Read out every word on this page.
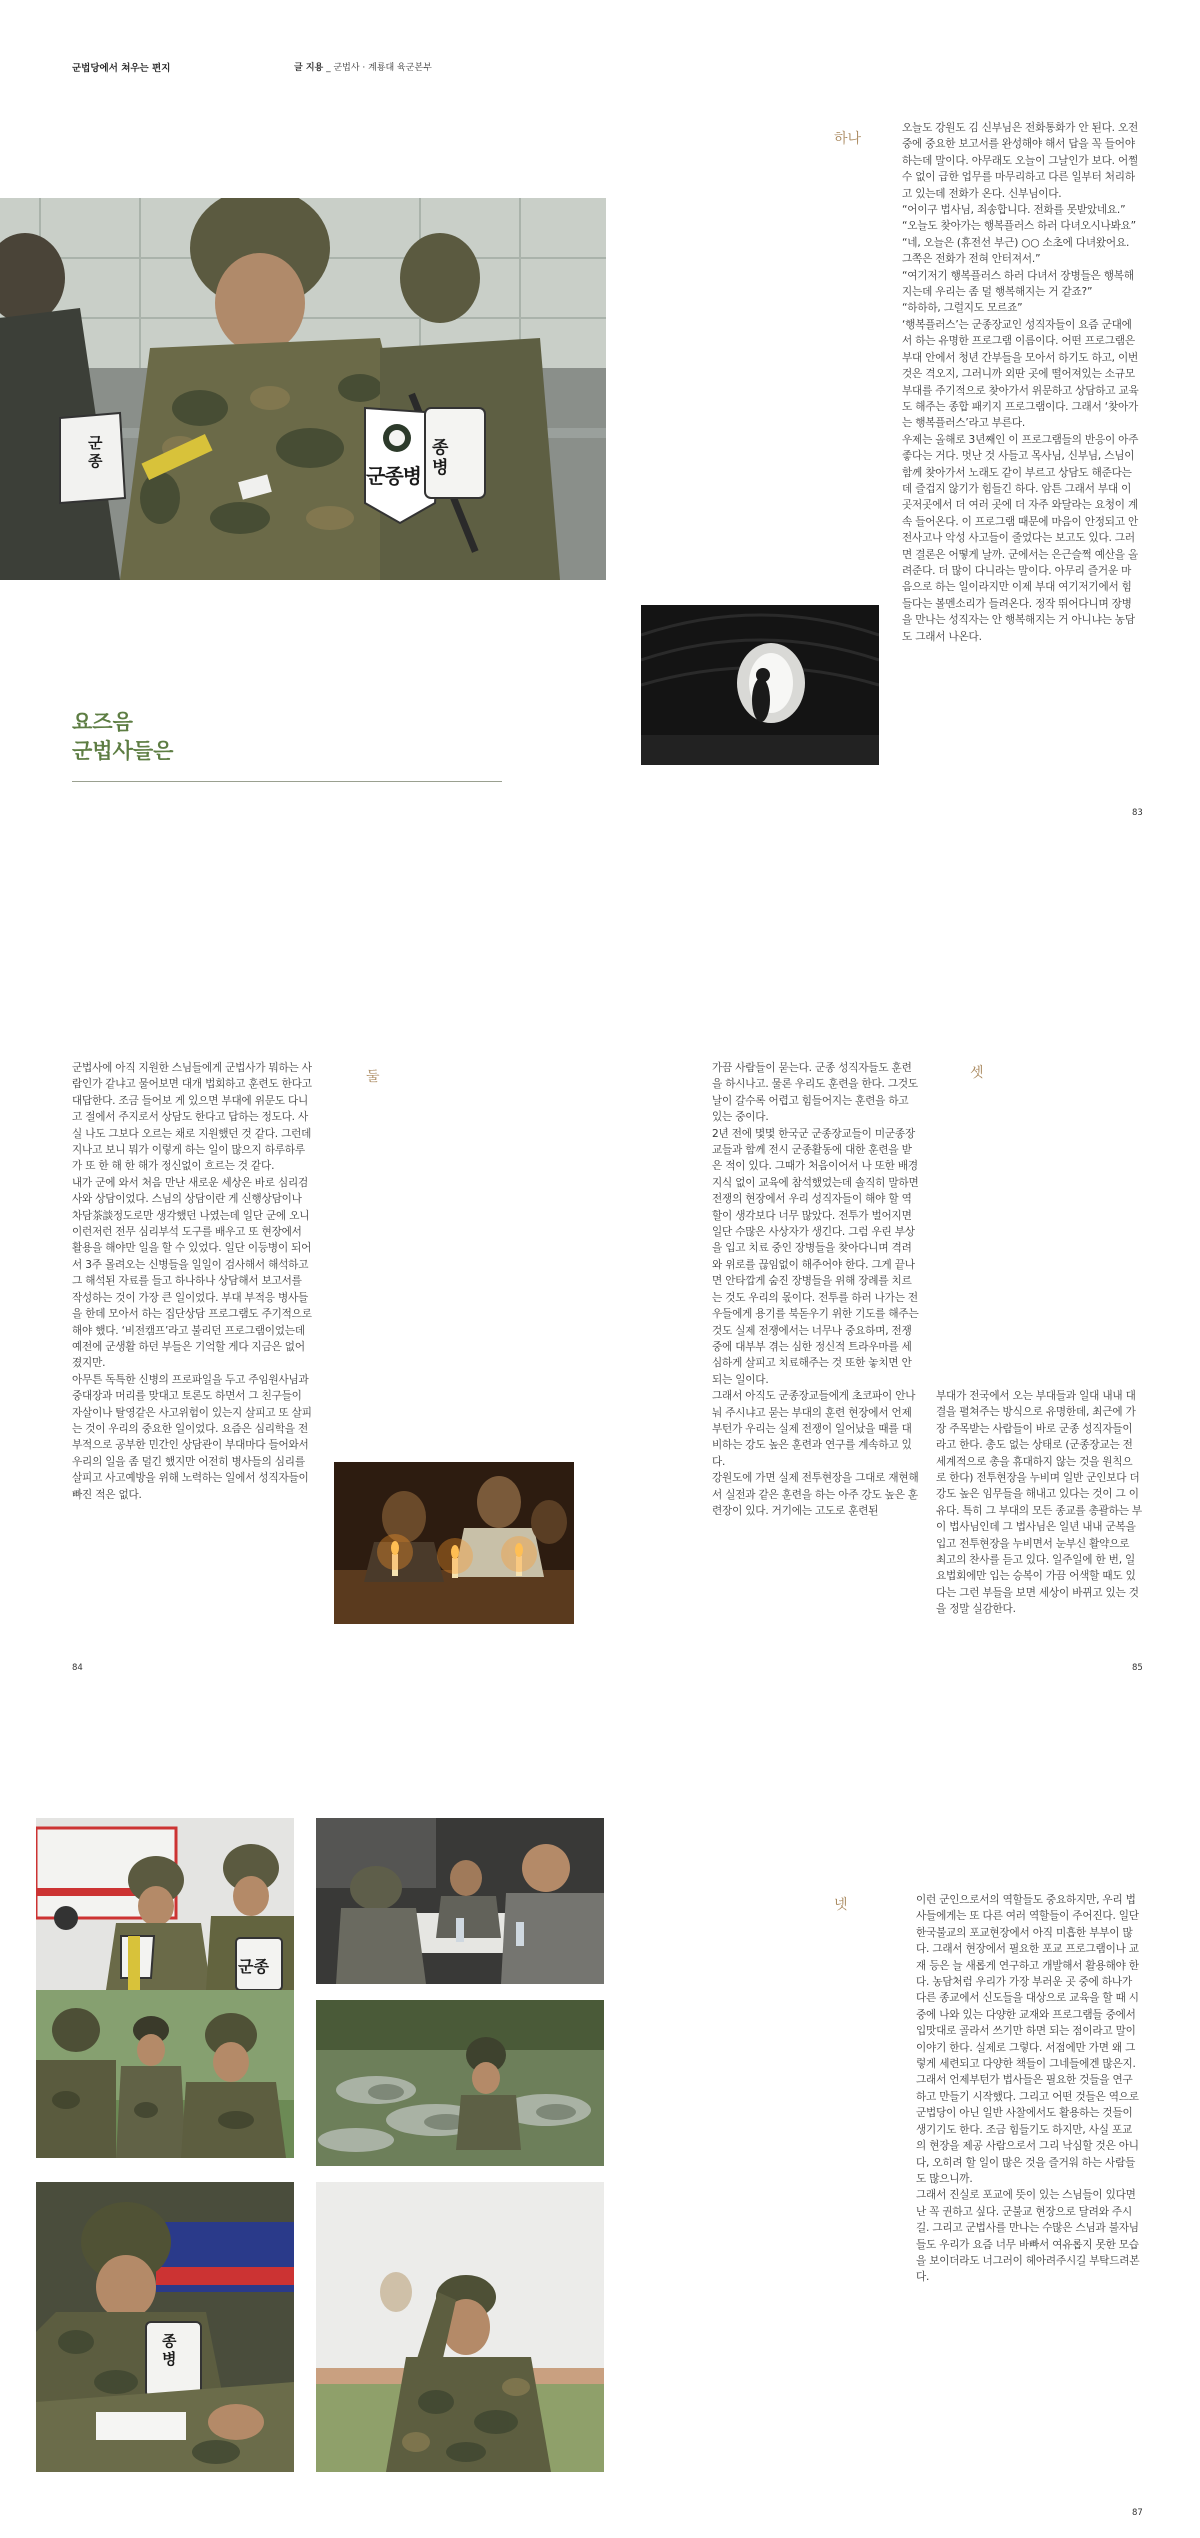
군법당에서 쳐우는 편지	글 지용 _ 군법사 · 계룡대 육군본부
군종병
종병
군종
요즈음
군법사들은
하나

오늘도 강원도 김 신부님은 전화통화가 안 된다. 오전 중에 중요한 보고서를 완성해야 해서 답을 꼭 들어야 하는데 말이다. 아무래도 오늘이 그날인가 보다. 어쩔 수 없이 급한 업무를 마무리하고 다른 일부터 처리하고 있는데 전화가 온다. 신부님이다.

“어이구 법사님, 죄송합니다. 전화를 못받았네요.”

“오늘도 찾아가는 행복플러스 하러 다녀오시나봐요”

“네, 오늘은 (휴전선 부근) ○○ 소초에 다녀왔어요. 그쪽은 전화가 전혀 안터져서.”

“여기저기 행복플러스 하러 다녀서 장병들은 행복해지는데 우리는 좀 덜 행복해지는 거 같죠?”

“하하하, 그럴지도 모르죠”

‘행복플러스’는 군종장교인 성직자들이 요즘 군대에서 하는 유명한 프로그램 이름이다. 어떤 프로그램은 부대 안에서 청년 간부들을 모아서 하기도 하고, 이번 것은 격오지, 그러니까 외딴 곳에 떨어져있는 소규모 부대를 주기적으로 찾아가서 위문하고 상담하고 교육도 해주는 종합 패키지 프로그램이다. 그래서 ‘찾아가는 행복플러스’라고 부른다.

우제는 올해로 3년째인 이 프로그램들의 반응이 아주 좋다는 거다. 멋난 것 사들고 목사님, 신부님, 스님이 함께 찾아가서 노래도 같이 부르고 상담도 해준다는데 즐겁지 않기가 힘들긴 하다. 암튼 그래서 부대 이곳저곳에서 더 여러 곳에 더 자주 와달라는 요청이 계속 들어온다. 이 프로그램 때문에 마음이 안정되고 안전사고나 악성 사고들이 줄었다는 보고도 있다. 그러면 결론은 어떻게 날까. 군에서는 은근슬쩍 예산을 올려준다. 더 많이 다니라는 말이다. 아무리 즐거운 마음으로 하는 일이라지만 이제 부대 여기저기에서 힘들다는 볼멘소리가 들려온다. 정작 뛰어다니며 장병을 만나는 성직자는 안 행복해지는 거 아니냐는 농담도 그래서 나온다.

83

군법사에 아직 지원한 스님들에게 군법사가 뭐하는 사람인가 같냐고 물어보면 대개 법회하고 훈련도 한다고 대답한다. 조금 들어보 게 있으면 부대에 위문도 다니고 절에서 주지로서 상담도 한다고 답하는 정도다. 사실 나도 그보다 오르는 채로 지원했던 것 같다. 그런데 지나고 보니 뭐가 이렇게 하는 일이 많으지 하루하루가 또 한 해 한 해가 정신없이 흐르는 것 같다.

내가 군에 와서 처음 만난 새로운 세상은 바로 심리검사와 상담이었다. 스님의 상담이란 게 신행상담이나 차담茶談정도로만 생각했던 나였는데 일단 군에 오니 이런저런 전무 심리부석 도구를 배우고 또 현장에서 활용을 해야만 일을 할 수 있었다. 일단 이등병이 되어서 3주 몰려오는 신병들을 일일이 검사해서 해석하고 그 해석된 자료를 들고 하나하나 상담해서 보고서를 작성하는 것이 가장 큰 일이었다. 부대 부적응 병사들을 한데 모아서 하는 집단상담 프로그램도 주기적으로 해야 했다. ‘비전캠프’라고 불리던 프로그램이었는데 예전에 군생활 하던 부들은 기억할 게다 지금은 없어졌지만.

아무튼 독특한 신병의 프로파일을 두고 주임원사님과 중대장과 머리를 맞대고 토론도 하면서 그 친구들이 자살이나 탈영같은 사고위험이 있는지 살피고 또 살피는 것이 우리의 중요한 일이었다. 요즘은 심리학을 전부적으로 공부한 민간인 상담관이 부대마다 들어와서 우리의 일을 좀 덜긴 했지만 어전히 병사들의 심리를 살피고 사고예방을 위해 노력하는 일에서 성직자들이 빠진 적은 없다.

둘
84

가끔 사람들이 묻는다. 군종 성직자들도 훈련을 하시나고. 물론 우리도 훈련을 한다. 그것도 날이 갈수록 어렵고 힘들어지는 훈련을 하고 있는 중이다.

2년 전에 몇몇 한국군 군종장교들이 미군종장교들과 함께 전시 군종활동에 대한 훈련을 받은 적이 있다. 그때가 처음이어서 나 또한 배경지식 없이 교육에 참석했었는데 솔직히 말하면 전쟁의 현장에서 우리 성직자들이 해야 할 역할이 생각보다 너무 많았다. 전투가 벌어지면 일단 수많은 사상자가 생긴다. 그럼 우린 부상을 입고 치료 중인 장병들을 찾아다니며 격려와 위로를 끊임없이 해주어야 한다. 그게 끝나면 안타깝게 숨진 장병들을 위해 장례를 치르는 것도 우리의 몫이다. 전투를 하러 나가는 전우들에게 용기를 북돋우기 위한 기도를 해주는 것도 실제 전쟁에서는 너무나 중요하며, 전쟁 중에 대부부 겪는 심한 정신적 트라우마를 세심하게 살피고 치료해주는 것 또한 놓치면 안되는 일이다.

그래서 아직도 군종장교들에게 초코파이 안나눠 주시냐고 묻는 부대의 훈련 현장에서 언제부턴가 우리는 실제 전쟁이 일어났을 때를 대비하는 강도 높은 훈련과 연구를 계속하고 있다.

강원도에 가면 실제 전투현장을 그대로 재현해서 실전과 같은 훈련을 하는 아주 강도 높은 훈련장이 있다. 거기에는 고도로 훈련된

셋

부대가 전국에서 오는 부대들과 일대 내내 대결을 펼쳐주는 방식으로 유명한데, 최근에 가장 주목받는 사람들이 바로 군종 성직자들이라고 한다. 총도 없는 상태로 (군종장교는 전 세계적으로 총을 휴대하지 않는 것을 원칙으로 한다) 전투현장을 누비며 일반 군인보다 더 강도 높은 임무들을 해내고 있다는 것이 그 이유다. 특히 그 부대의 모든 종교를 총괄하는 부이 법사님인데 그 법사님은 일년 내내 군복을 입고 전투현장을 누비면서 눈부신 활약으로 최고의 찬사를 듣고 있다. 일주일에 한 번, 일요법회에만 입는 승복이 가끔 어색할 때도 있다는 그런 부들을 보면 세상이 바뀌고 있는 것을 정말 실감한다.

85
군종
종병
넷	이런 군인으로서의 역할들도 중요하지만, 우리 법사들에게는 또 다른 여러 역할들이 주어진다. 일단 한국불교의 포교현장에서 아직 미흡한 부부이 많다. 그래서 현장에서 필요한 포교 프로그램이나 교재 등은 늘 새롭게 연구하고 개발해서 활용해야 한다. 농담처럼 우리가 가장 부러운 곳 중에 하나가 다른 종교에서 신도들을 대상으로 교육을 할 때 시중에 나와 있는 다양한 교재와 프로그램들 중에서 입맛대로 골라서 쓰기만 하면 되는 점이라고 말이 이야기 한다. 실제로 그렇다. 서점에만 가면 왜 그렇게 세련되고 다양한 책들이 그네들에겐 많은지. 그래서 언제부턴가 법사들은 필요한 것들을 연구하고 만들기 시작했다. 그리고 어떤 것들은 역으로 군법당이 아닌 일반 사찰에서도 활용하는 것들이 생기기도 한다. 조금 힘들기도 하지만, 사실 포교의 현장을 제공 사람으로서 그리 낙심할 것은 아니다, 오히려 할 일이 많은 것을 즐거워 하는 사람들도 많으니까.

그래서 진실로 포교에 뜻이 있는 스님들이 있다면 난 꼭 권하고 싶다. 군불교 현장으로 달려와 주시길. 그리고 군법사를 만나는 수많은 스님과 불자님들도 우리가 요즘 너무 바빠서 여유롭지 못한 모습을 보이더라도 너그러이 헤아려주시길 부탁드려본다.

87
